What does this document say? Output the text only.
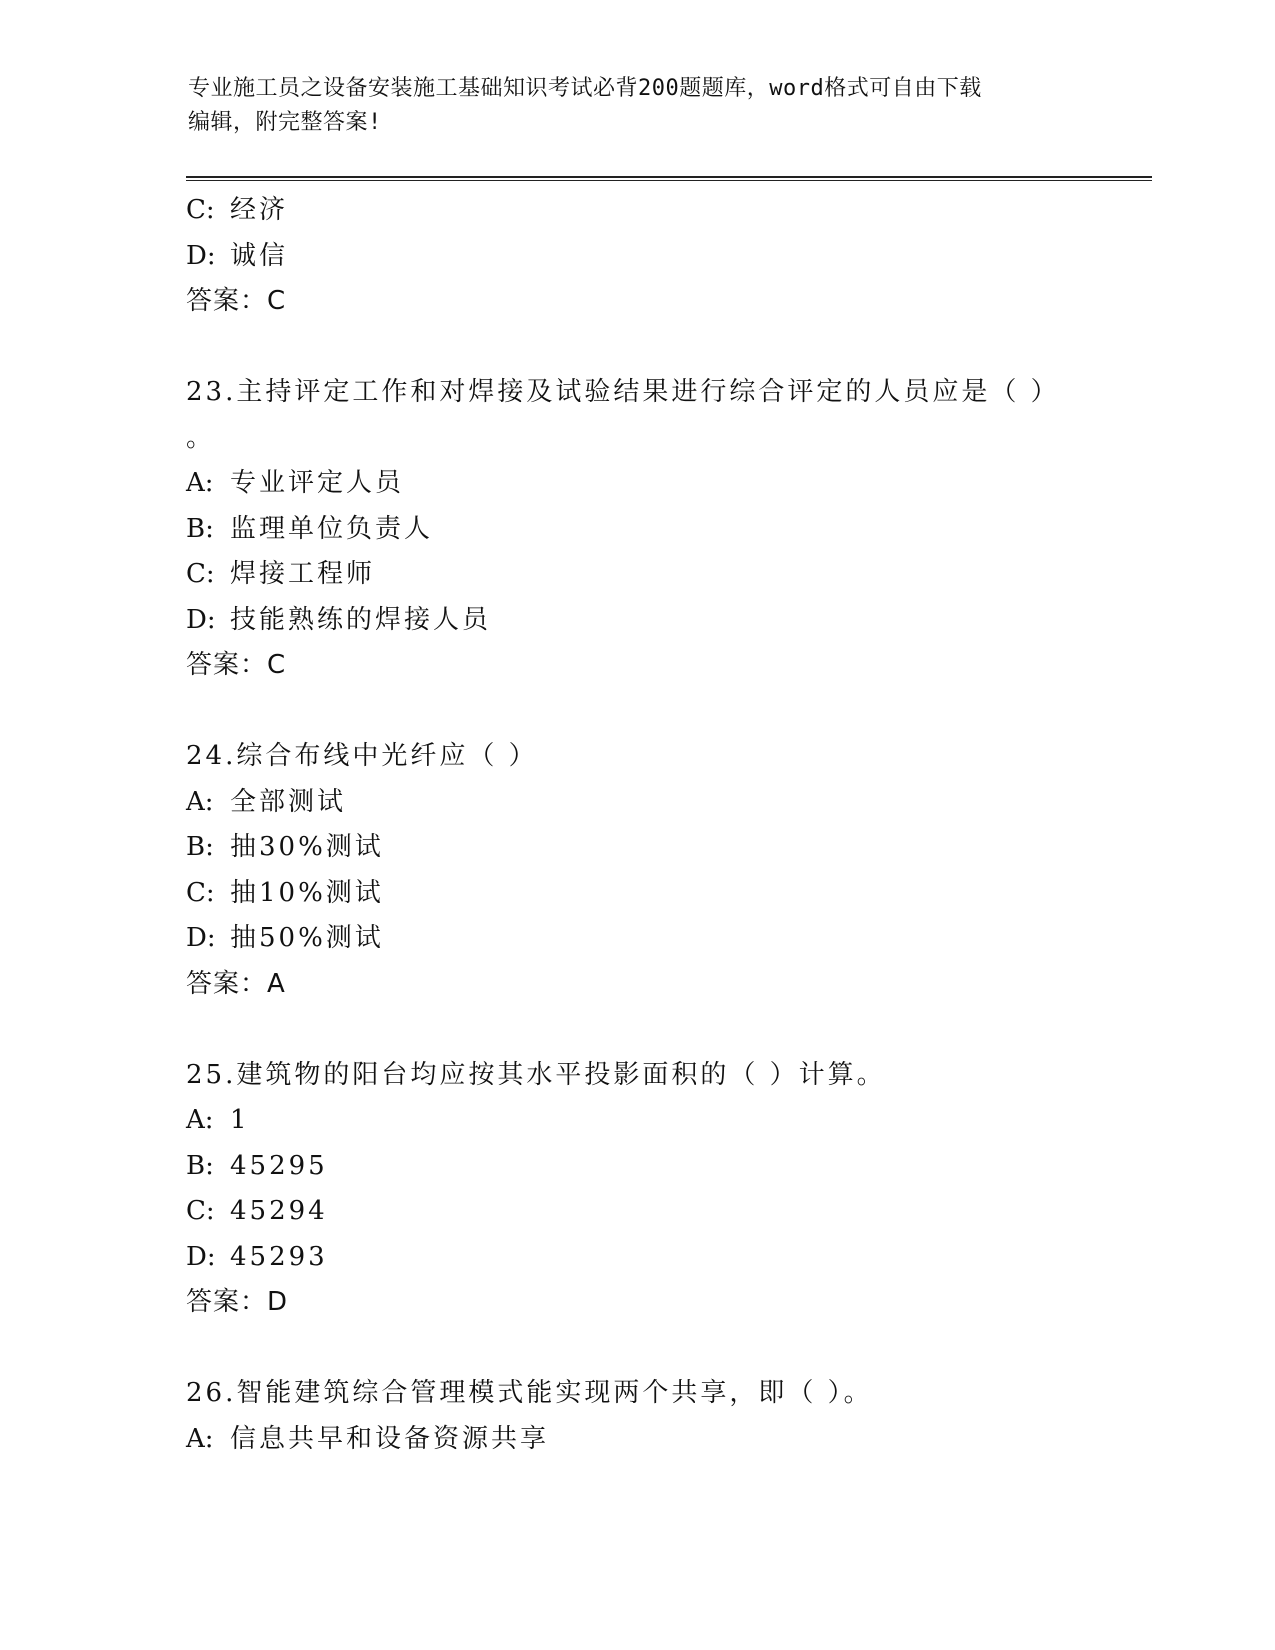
专业施工员之设备安装施工基础知识考试必背200题题库，word格式可自由下载
编辑，附完整答案!
C: 经济
D: 诚信
答案：C
23.主持评定工作和对焊接及试验结果进行综合评定的人员应是（ ）
。
A: 专业评定人员
B: 监理单位负责人
C: 焊接工程师
D: 技能熟练的焊接人员
答案：C
24.综合布线中光纤应（ ）
A: 全部测试
B: 抽30%测试
C: 抽10%测试
D: 抽50%测试
答案：A
25.建筑物的阳台均应按其水平投影面积的（ ）计算。
A: 1
B: 45295
C: 45294
D: 45293
答案：D
26.智能建筑综合管理模式能实现两个共享，即（ ）。
A: 信息共早和设备资源共享
